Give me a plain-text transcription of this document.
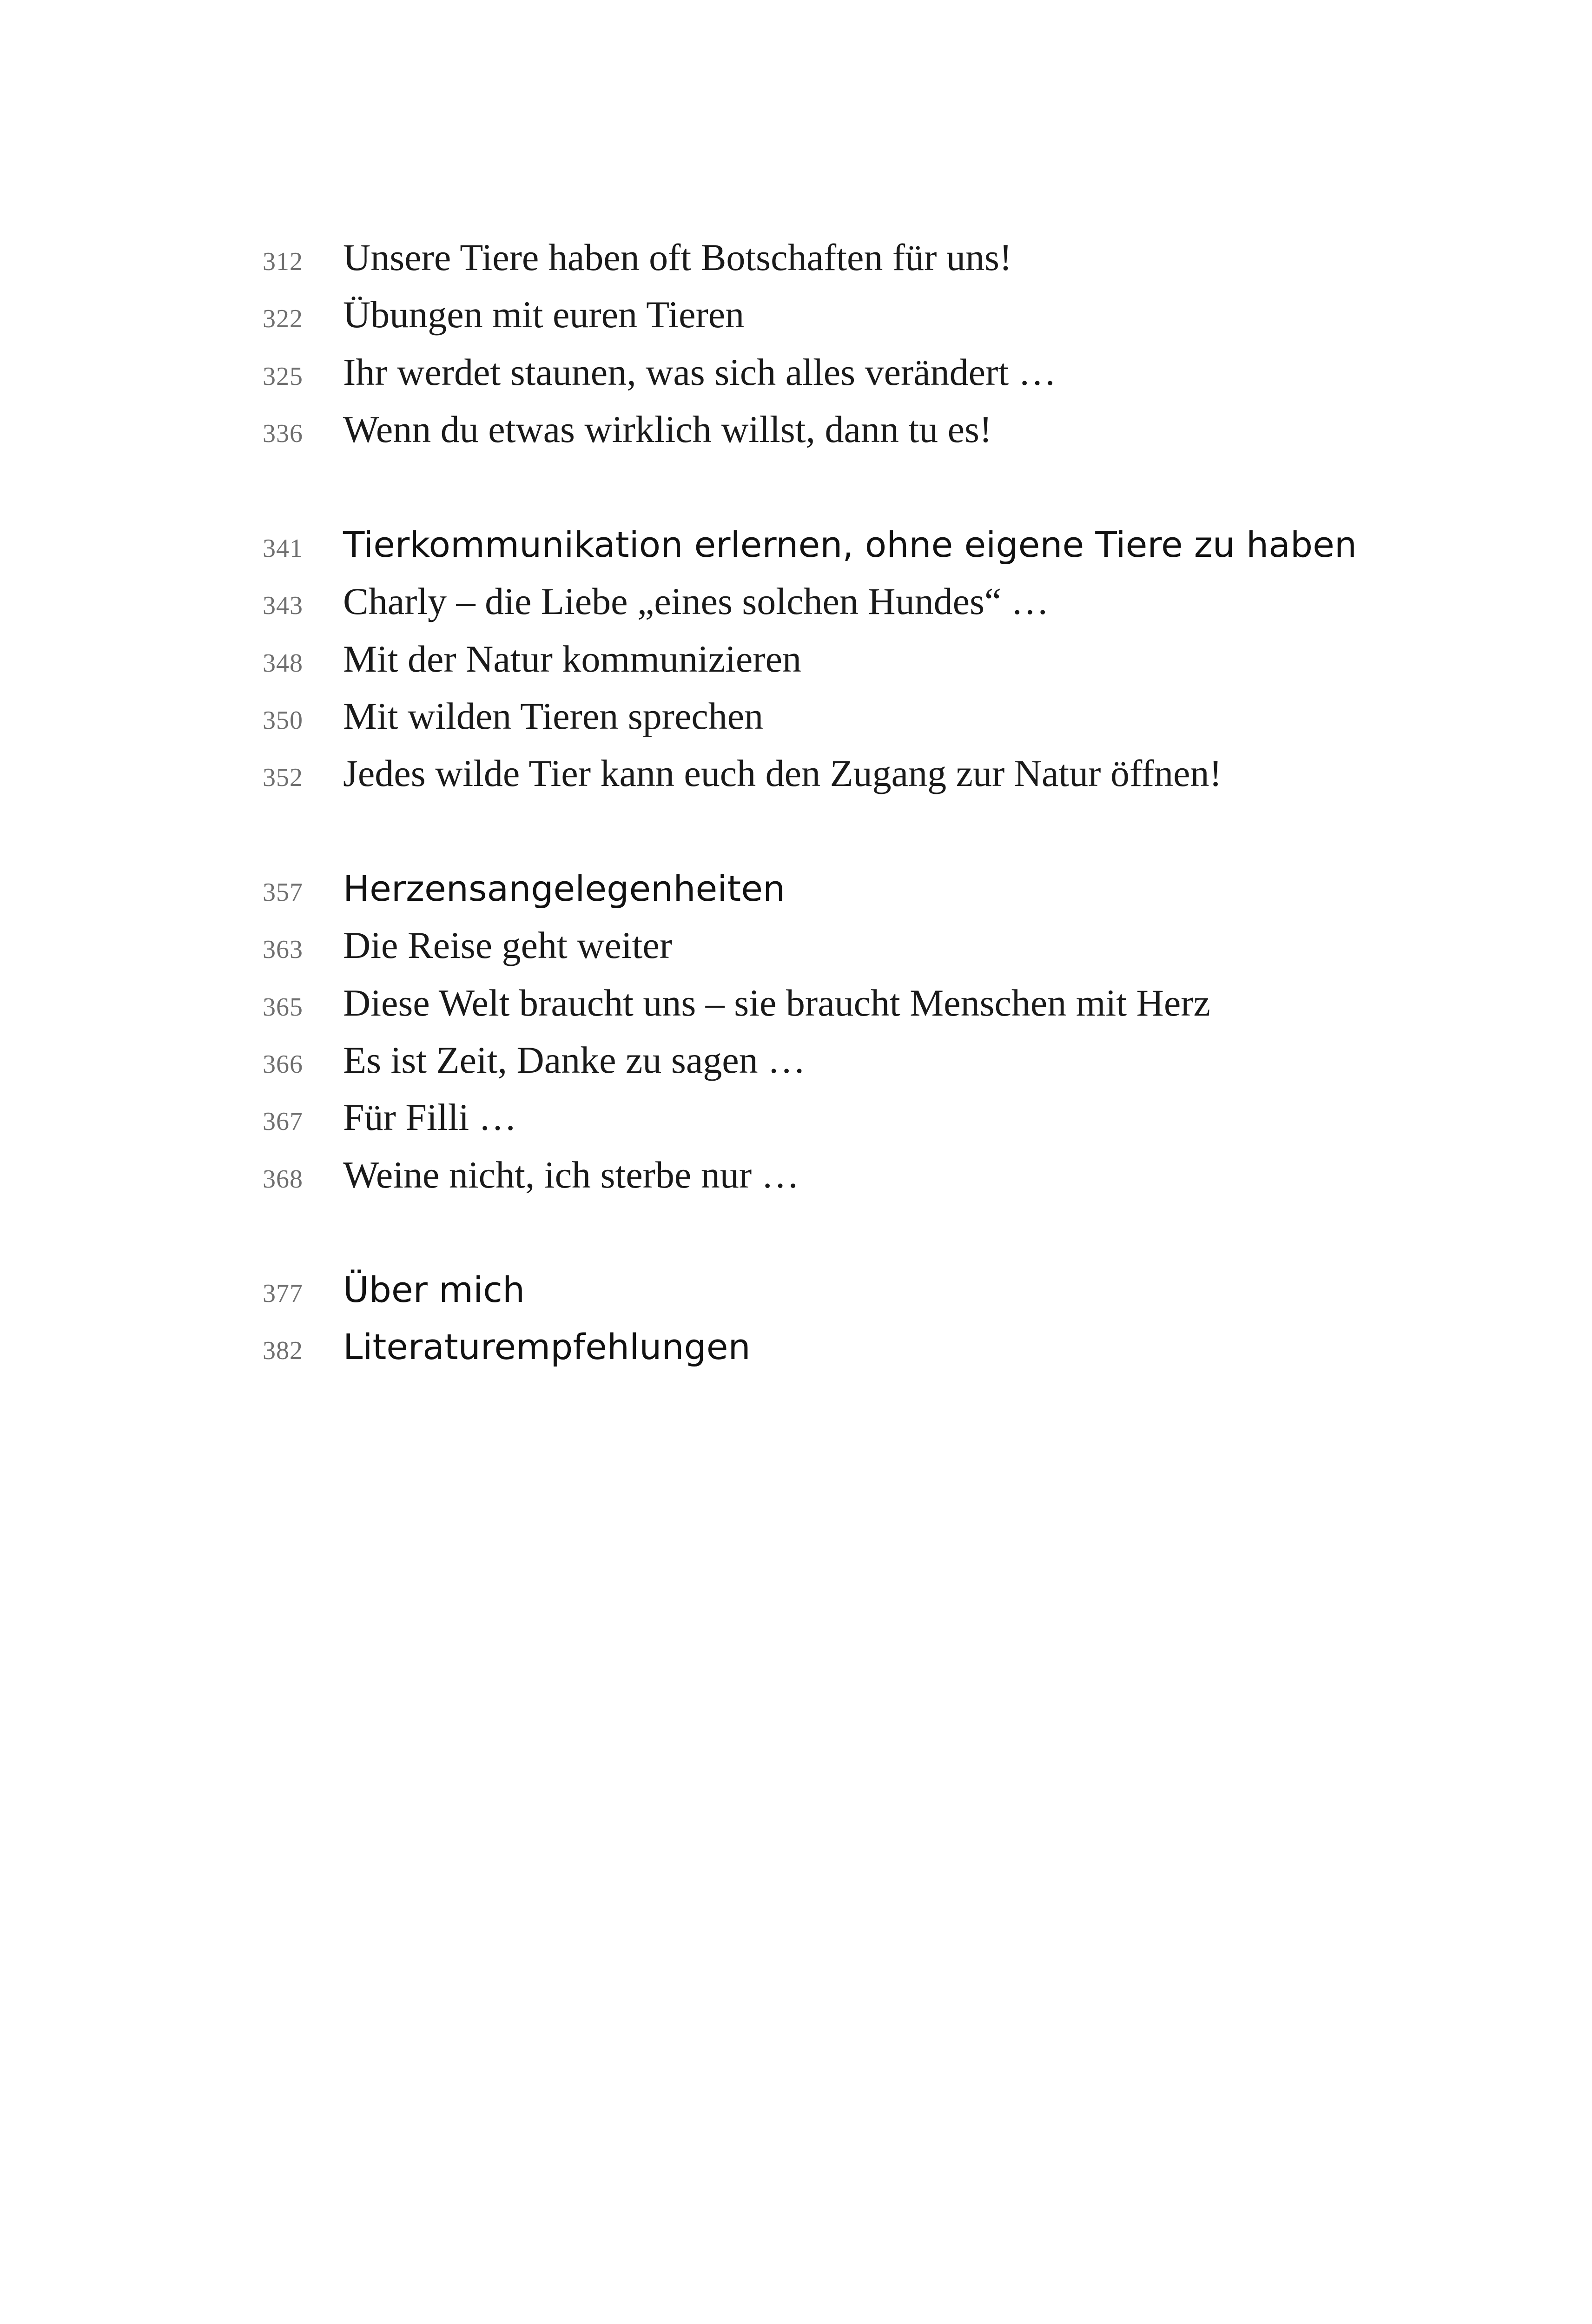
312	Unsere Tiere haben oft Botschaften für uns!
322	Übungen mit euren Tieren
325	Ihr werdet staunen, was sich alles verändert …
336	Wenn du etwas wirklich willst, dann tu es!
341	Tierkommunikation erlernen, ohne eigene Tiere zu haben
343	Charly – die Liebe „eines solchen Hundes“ …
348	Mit der Natur kommunizieren
350	Mit wilden Tieren sprechen
352	Jedes wilde Tier kann euch den Zugang zur Natur öffnen!
357	Herzensangelegenheiten
363	Die Reise geht weiter
365	Diese Welt braucht uns – sie braucht Menschen mit Herz
366	Es ist Zeit, Danke zu sagen …
367	Für Filli …
368	Weine nicht, ich sterbe nur …
377	Über mich
382	Literaturempfehlungen
